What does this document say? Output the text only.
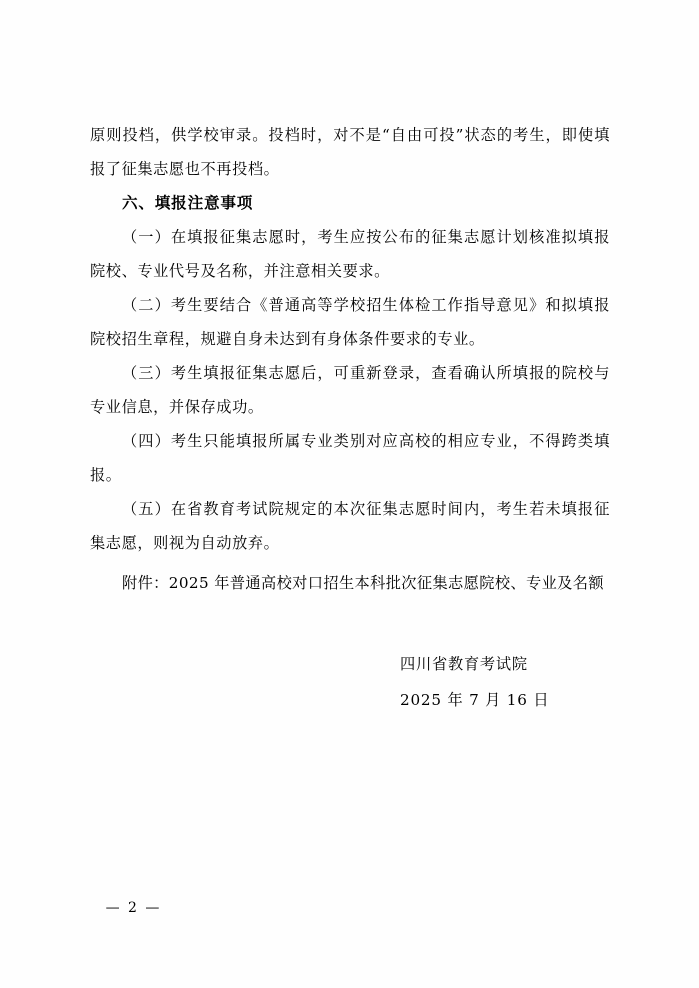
原则投档，供学校审录。投档时，对不是“自由可投”状态的考生，即使填报了征集志愿也不再投档。

六、填报注意事项

（一）在填报征集志愿时，考生应按公布的征集志愿计划核准拟填报院校、专业代号及名称，并注意相关要求。

（二）考生要结合《普通高等学校招生体检工作指导意见》和拟填报院校招生章程，规避自身未达到有身体条件要求的专业。

（三）考生填报征集志愿后，可重新登录，查看确认所填报的院校与专业信息，并保存成功。

（四）考生只能填报所属专业类别对应高校的相应专业，不得跨类填报。

（五）在省教育考试院规定的本次征集志愿时间内，考生若未填报征集志愿，则视为自动放弃。

附件：2025 年普通高校对口招生本科批次征集志愿院校、专业及名额

四川省教育考试院
2025 年 7 月 16 日
— 2 —
